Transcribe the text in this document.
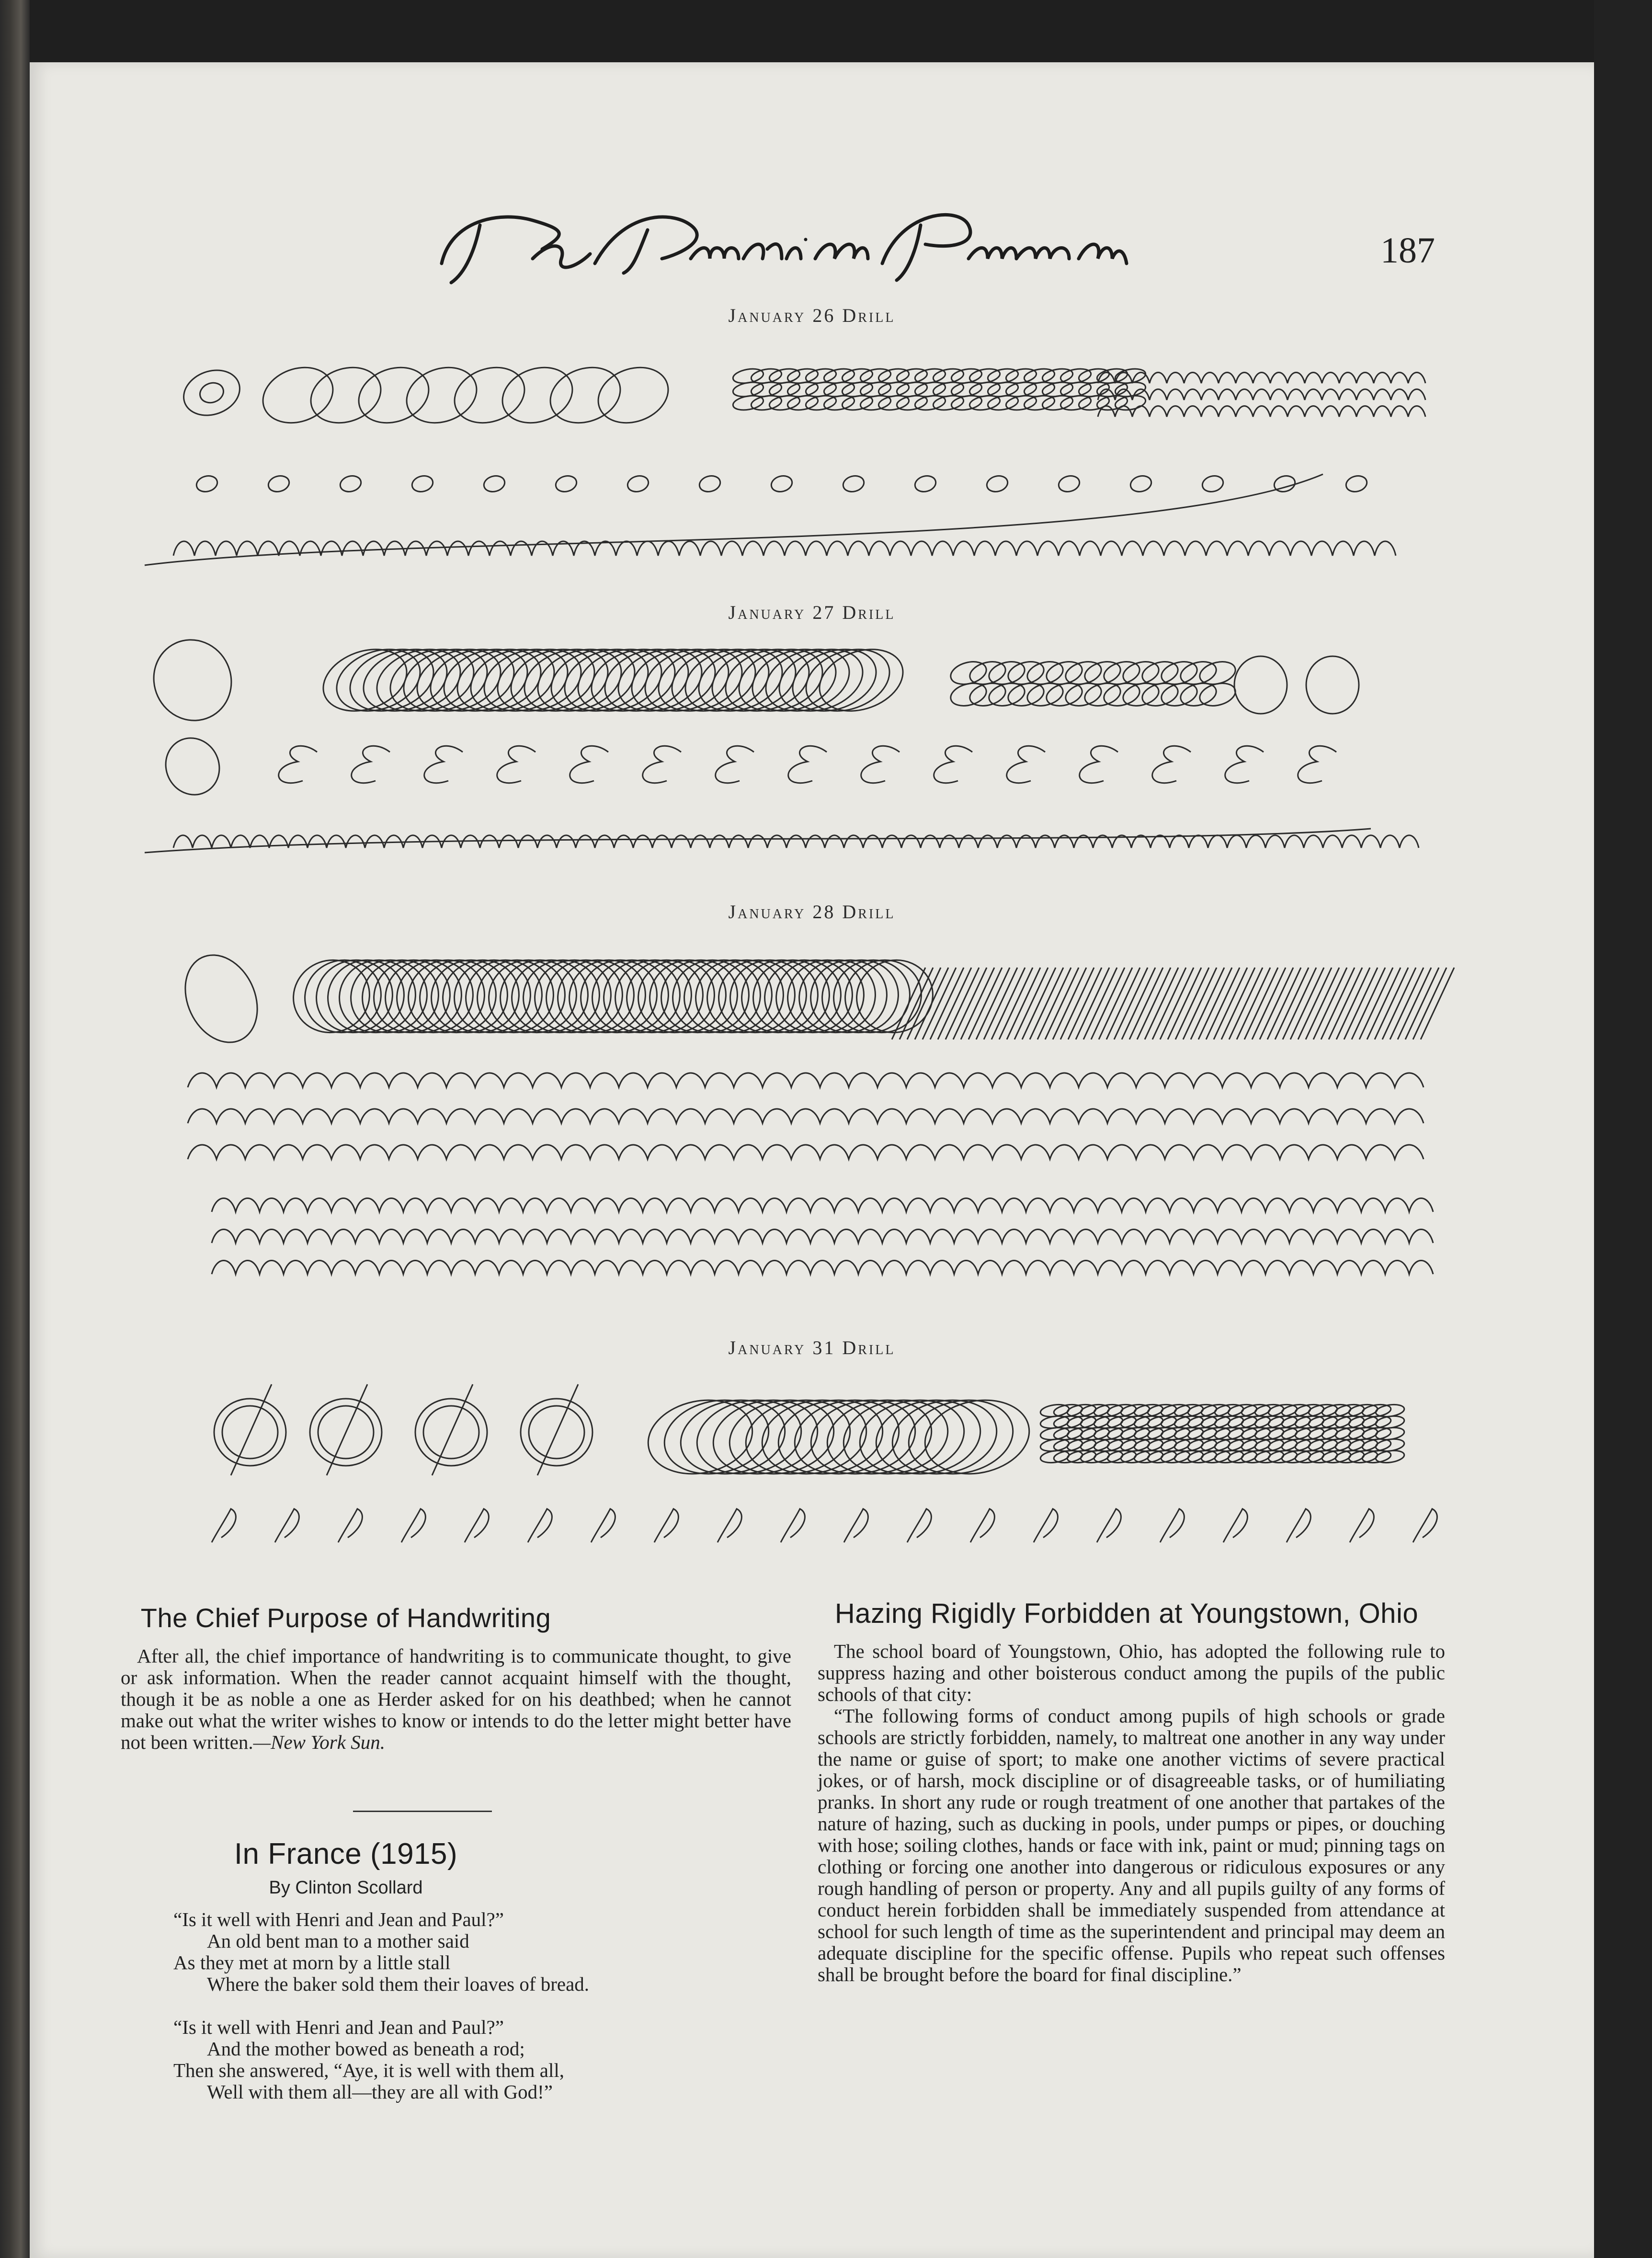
187
January 26 Drill
January 27 Drill
January 28 Drill
January 31 Drill
The Chief Purpose of Handwriting

After all, the chief importance of handwriting is to communicate thought, to give or ask information. When the reader cannot acquaint himself with the thought, though it be as noble a one as Herder asked for on his deathbed; when he cannot make out what the writer wishes to know or intends to do the letter might better have not been written.—New York Sun.

In France (1915)
By Clinton Scollard
“Is it well with Henri and Jean and Paul?”
An old bent man to a mother said
As they met at morn by a little stall
Where the baker sold them their loaves of bread.
“Is it well with Henri and Jean and Paul?”
And the mother bowed as beneath a rod;
Then she answered, “Aye, it is well with them all,
Well with them all—they are all with God!”
Hazing Rigidly Forbidden at Youngstown, Ohio

The school board of Youngstown, Ohio, has adopted the following rule to suppress hazing and other boisterous conduct among the pupils of the public schools of that city:

“The following forms of conduct among pupils of high schools or grade schools are strictly forbidden, namely, to maltreat one another in any way under the name or guise of sport; to make one another victims of severe practical jokes, or of harsh, mock discipline or of disagreeable tasks, or of humiliating pranks. In short any rude or rough treatment of one another that partakes of the nature of hazing, such as ducking in pools, under pumps or pipes, or douching with hose; soiling clothes, hands or face with ink, paint or mud; pinning tags on clothing or forcing one another into dangerous or ridiculous exposures or any rough handling of person or property. Any and all pupils guilty of any forms of conduct herein forbidden shall be immediately suspended from attendance at school for such length of time as the superintendent and principal may deem an adequate discipline for the specific offense. Pupils who repeat such offenses shall be brought before the board for final discipline.”
